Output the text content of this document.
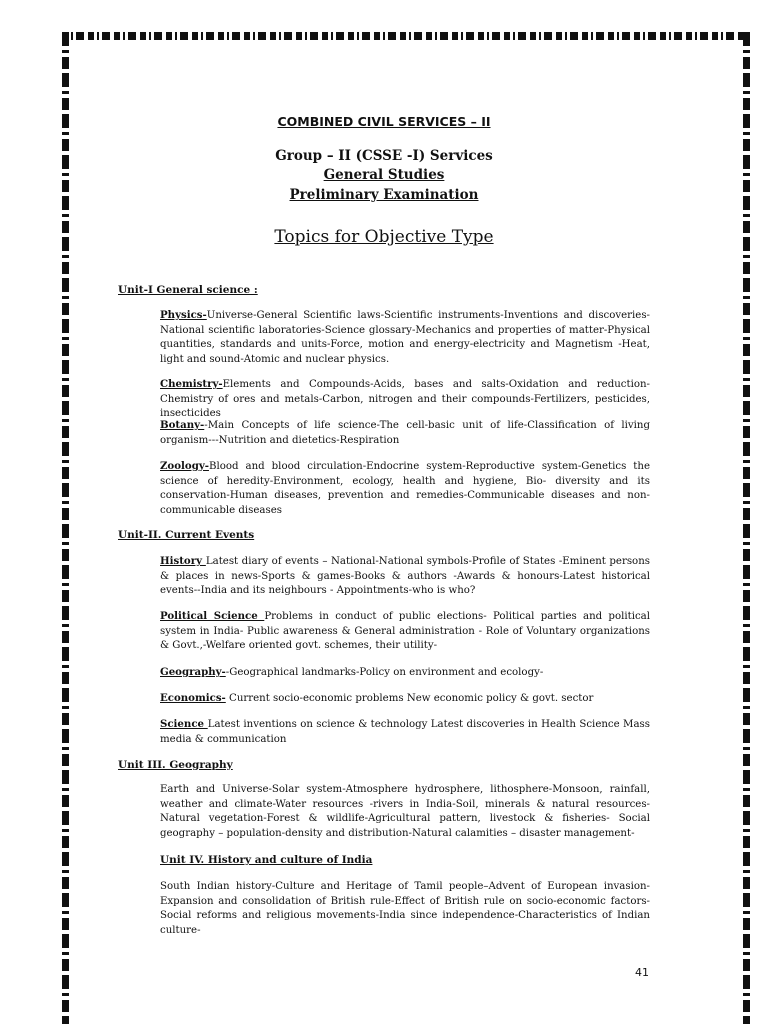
COMBINED CIVIL SERVICES – II
Group – II (CSSE -I) Services
General Studies
Preliminary Examination
Topics for Objective Type
Unit-I General science :
Physics-Universe-General Scientific laws-Scientific instruments-Inventions and discoveries-National scientific laboratories-Science glossary-Mechanics and properties of matter-Physical quantities, standards and units-Force, motion and energy-electricity and Magnetism -Heat, light and sound-Atomic and nuclear physics.
Chemistry-Elements and Compounds-Acids, bases and salts-Oxidation and reduction-Chemistry of ores and metals-Carbon, nitrogen and their compounds-Fertilizers, pesticides, insecticides
Botany--Main Concepts of life science-The cell-basic unit of life-Classification of living organism---Nutrition and dietetics-Respiration
Zoology-Blood and blood circulation-Endocrine system-Reproductive system-Genetics the science of heredity-Environment, ecology, health and hygiene, Bio- diversity and its conservation-Human diseases, prevention and remedies-Communicable diseases and non-communicable diseases
Unit-II. Current Events
History Latest diary of events – National-National symbols-Profile of States -Eminent persons & places in news-Sports & games-Books & authors -Awards & honours-Latest historical events--India and its neighbours - Appointments-who is who?
Political Science Problems in conduct of public elections- Political parties and political system in India- Public awareness & General administration - Role of Voluntary organizations & Govt.,-Welfare oriented govt. schemes, their utility-
Geography--Geographical landmarks-Policy on environment and ecology-
Economics- Current socio-economic problems New economic policy & govt. sector
Science Latest inventions on science & technology Latest discoveries in Health Science Mass media & communication
Unit III. Geography
Earth and Universe-Solar system-Atmosphere hydrosphere, lithosphere-Monsoon, rainfall, weather and climate-Water resources -rivers in India-Soil, minerals & natural resources-Natural vegetation-Forest & wildlife-Agricultural pattern, livestock & fisheries- Social geography – population-density and distribution-Natural calamities – disaster management-
Unit IV. History and culture of India
South Indian history-Culture and Heritage of Tamil people–Advent of European invasion-Expansion and consolidation of British rule-Effect of British rule on socio-economic factors-Social reforms and religious movements-India since independence-Characteristics of Indian culture-
41
